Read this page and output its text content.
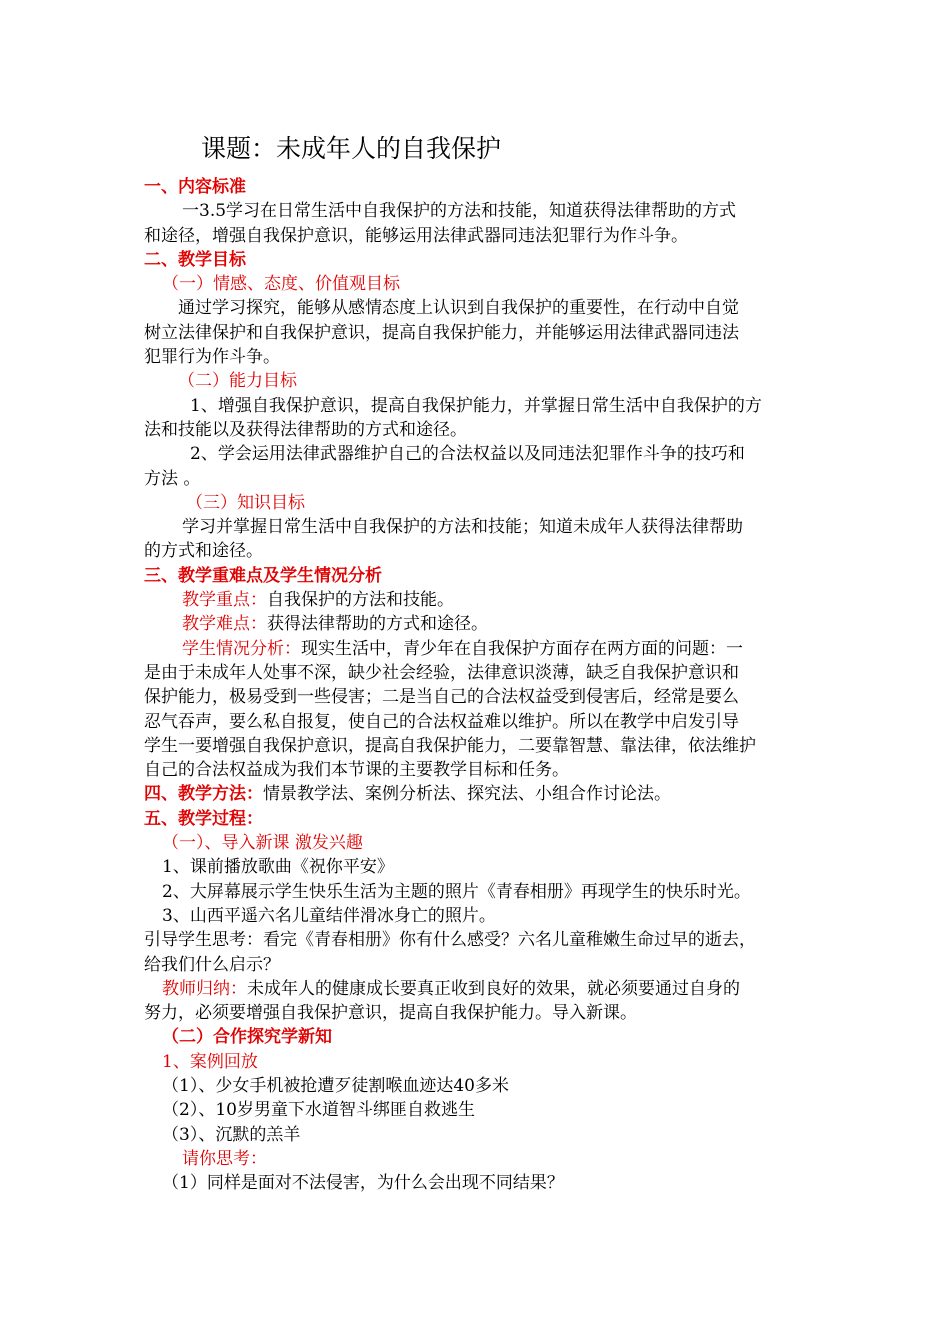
课题：未成年人的自我保护

一、内容标准

一3.5学习在日常生活中自我保护的方法和技能，知道获得法律帮助的方式

和途径，增强自我保护意识，能够运用法律武器同违法犯罪行为作斗争。

二、教学目标

（一）情感、态度、价值观目标

通过学习探究，能够从感情态度上认识到自我保护的重要性，在行动中自觉

树立法律保护和自我保护意识，提高自我保护能力，并能够运用法律武器同违法

犯罪行为作斗争。

（二）能力目标

1、增强自我保护意识，提高自我保护能力，并掌握日常生活中自我保护的方

法和技能以及获得法律帮助的方式和途径。

2、学会运用法律武器维护自己的合法权益以及同违法犯罪作斗争的技巧和

方法 。

（三）知识目标

学习并掌握日常生活中自我保护的方法和技能；知道未成年人获得法律帮助

的方式和途径。

三、教学重难点及学生情况分析

教学重点：自我保护的方法和技能。

教学难点：获得法律帮助的方式和途径。

学生情况分析：现实生活中，青少年在自我保护方面存在两方面的问题：一

是由于未成年人处事不深，缺少社会经验，法律意识淡薄，缺乏自我保护意识和

保护能力，极易受到一些侵害；二是当自己的合法权益受到侵害后，经常是要么

忍气吞声，要么私自报复，使自己的合法权益难以维护。所以在教学中启发引导

学生一要增强自我保护意识，提高自我保护能力，二要靠智慧、靠法律，依法维护

自己的合法权益成为我们本节课的主要教学目标和任务。

四、教学方法：情景教学法、案例分析法、探究法、小组合作讨论法。

五、教学过程：

（一）、导入新课 激发兴趣

1、课前播放歌曲《祝你平安》

2、大屏幕展示学生快乐生活为主题的照片《青春相册》再现学生的快乐时光。

3、山西平遥六名儿童结伴滑冰身亡的照片。

引导学生思考：看完《青春相册》你有什么感受？六名儿童稚嫩生命过早的逝去，

给我们什么启示？

教师归纳：未成年人的健康成长要真正收到良好的效果，就必须要通过自身的

努力，必须要增强自我保护意识，提高自我保护能力。导入新课。

（二）合作探究学新知

1、案例回放

（1）、少女手机被抢遭歹徒割喉血迹达40多米

（2）、10岁男童下水道智斗绑匪自救逃生

（3）、沉默的羔羊

请你思考：

（1）同样是面对不法侵害，为什么会出现不同结果？
